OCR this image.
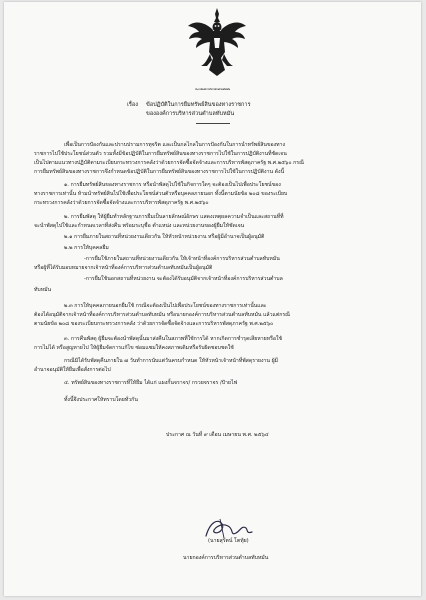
ประกาศองค์การบริหารส่วนตำบลทับหมัน
เรื่อง ข้อปฏิบัติในการยืมทรัพย์สินของทางราชการ
ขององค์การบริหารส่วนตำบลทับหมัน
เพื่อเป็นการป้องกันและปราบปรามการทุจริต และเป็นกลไกลในการป้องกันในการนำทรัพย์สินของทาง
ราชการไปใช้ประโยชน์ส่วนตัว รวมทั้งมีข้อปฏิบัติในการยืมทรัพย์สินของทางราชการไปใช้ในการปฏิบัติงานที่ชัดเจน
เป็นไปตามแนวทางปฏิบัติตามระเบียบกระทรวงการคลังว่าด้วยการจัดซื้อจัดจ้างและการบริหารพัสดุภาครัฐ พ.ศ.๒๕๖๐ กรณี
การยืมทรัพย์สินของทางราชการจึงกำหนดข้อปฏิบัติในการยืมทรัพย์สินของทางราชการไปใช้ในการปฏิบัติงาน ดังนี้
๑. การยืมทรัพย์สินของทางราชการ หรือนำพัสดุไปใช้ในกิจการใดๆ จะต้องเป็นไปเพื่อประโยชน์ของ
ทางราชการเท่านั้น ห้ามนำทรัพย์สินไปใช้เพื่อประโยชน์ส่วนตัวหรือบุคคลภายนอก ทั้งนี้ตามนัยข้อ ๒๐๘ ของระเบียบ
กระทรวงการคลังว่าด้วยการจัดซื้อจัดจ้างและการบริหารพัสดุภาครัฐ พ.ศ.๒๕๖๐
๒. การยืมพัสดุ ให้ผู้ยืมทำหลักฐานการยืมเป็นลายลักษณ์อักษร แสดงเหตุผลความจำเป็นและสถานที่ที่
จะนำพัสดุไปใช้และกำหนดเวลาที่ส่งคืน พร้อมระบุชื่อ ตำแหน่ง และหน่วยงานของผู้ยืมให้ชัดเจน
๒.๑ การยืมภายในสถานที่หน่วยงานเดียวกัน ให้หัวหน้าหน่วยงาน หรือผู้มีอำนาจเป็นผู้อนุมัติ
๒.๒ การให้บุคคลยืม
-การยืมใช้ภายในสถานที่หน่วยงานเดียวกัน ให้เจ้าหน้าที่องค์การบริหารส่วนตำบลทับหมัน
หรือผู้ที่ได้รับมอบหมายจากเจ้าหน้าที่องค์การบริหารส่วนตำบลทับหมันเป็นผู้อนุมัติ
-การยืมใช้นอกสถานที่หน่วยงาน จะต้องได้รับอนุมัติจากเจ้าหน้าที่องค์การบริหารส่วนตำบล
ทับหมัน
๒.๓ การให้บุคคลภายนอกยืมใช้ กรณีจะต้องเป็นไปเพื่อประโยชน์ของทางราชการเท่านั้นและ
ต้องได้อนุมัติจากเจ้าหน้าที่องค์การบริหารส่วนตำบลทับหมัน หรือนายกองค์การบริหารส่วนตำบลทับหมัน แล้วแต่กรณี
ตามนัยข้อ ๒๐๘ ของระเบียบกระทรวงการคลัง ว่าด้วยการจัดซื้อจัดจ้างและการบริหารพัสดุภาครัฐ พ.ศ.๒๕๖๐
๓. การคืนพัสดุ ผู้ยืมจะต้องนำพัสดุนั้นมาส่งคืนในสภาพที่ใช้การได้ หากเกิดการชำรุดเสียหายหรือใช้
การไม่ได้ หรือสูญหายไป ให้ผู้ยืมจัดการแก้ไข ซ่อมแซมให้คงสภาพเดิมหรือรับผิดชอบชดใช้
กรณีมิได้รับพัสดุคืนภายใน ๗ วันทำการนับแต่วันครบกำหนด ให้หัวหน้าเจ้าหน้าที่พัสดุรายงาน ผู้มี
อำนาจอนุมัติให้ยืมเพื่อสั่งการต่อไป
๔. ทรัพย์สินของทางราชการที่ให้ยืม ได้แก่ แผงกั้นจราจร/ กรวยจราจร /ป้ายไฟ
ทั้งนี้จึงประกาศให้ทราบโดยทั่วกัน
ประกาศ ณ วันที่ ๙ เดือน เมษายน พ.ศ. ๒๕๖๔
(นายสุรัตน์ โตทุ้ย)
นายกองค์การบริหารส่วนตำบลทับหมัน
